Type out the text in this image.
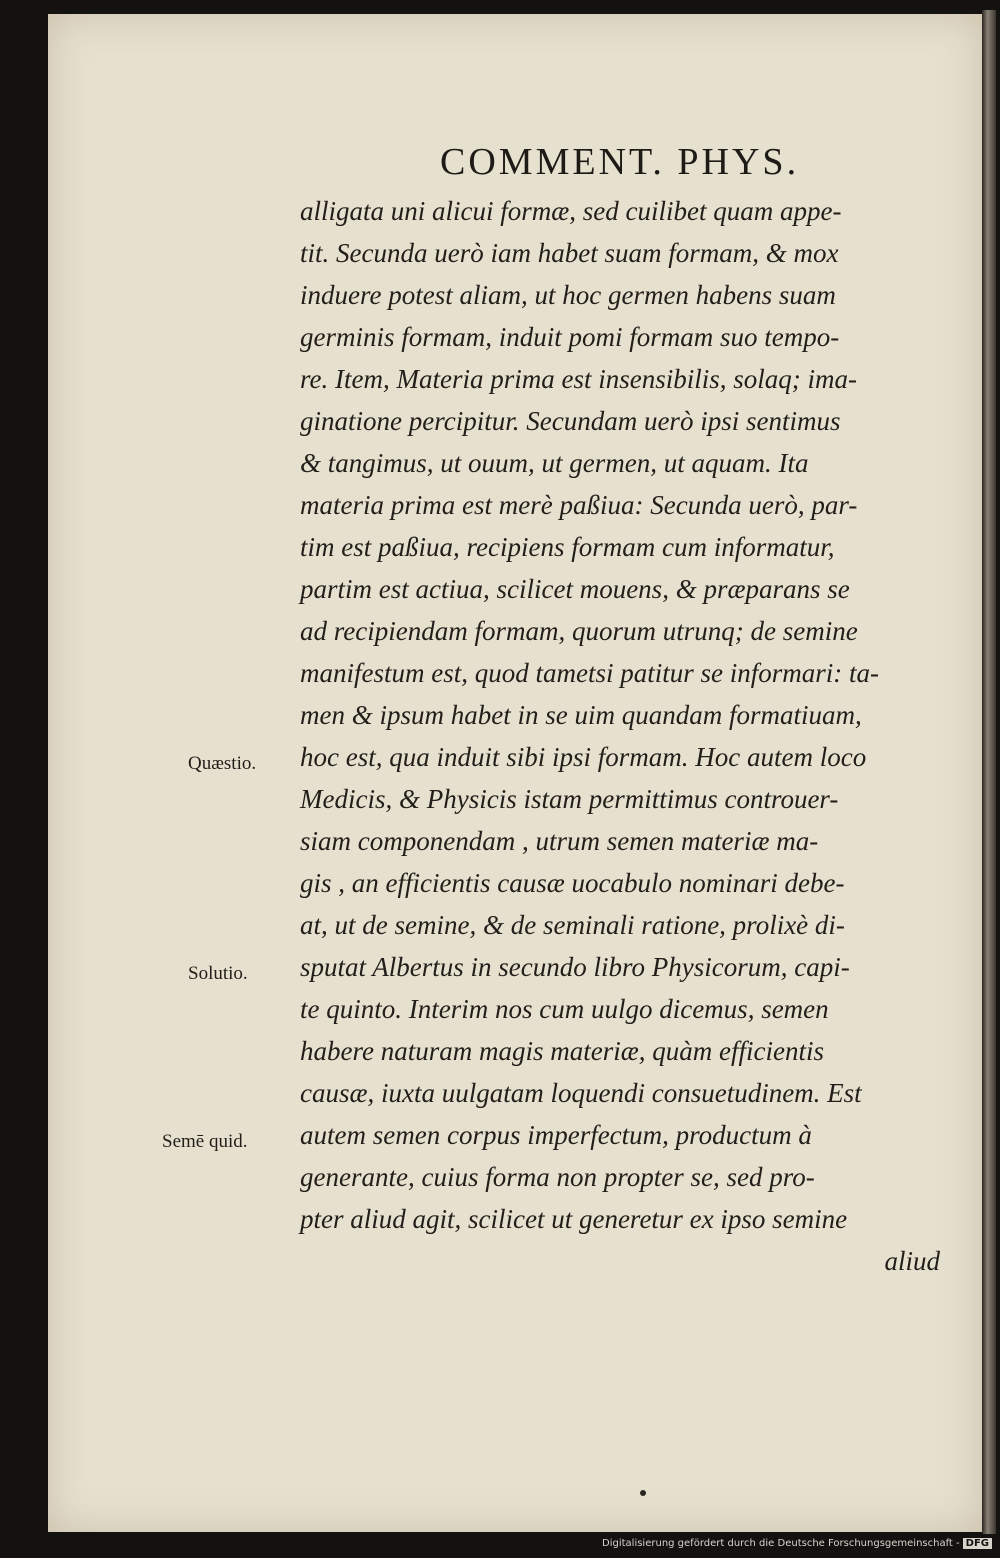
COMMENT. PHYS.
alligata uni alicui formæ, sed cuilibet quam appe-
tit. Secunda uerò iam habet suam formam, & mox
induere potest aliam, ut hoc germen habens suam
germinis formam, induit pomi formam suo tempo-
re. Item, Materia prima est insensibilis, solaq; ima-
ginatione percipitur. Secundam uerò ipsi sentimus
& tangimus, ut ouum, ut germen, ut aquam. Ita
materia prima est merè paßiua: Secunda uerò, par-
tim est paßiua, recipiens formam cum informatur,
partim est actiua, scilicet mouens, & præparans se
ad recipiendam formam, quorum utrunq; de semine
manifestum est, quod tametsi patitur se informari: ta-
men & ipsum habet in se uim quandam formatiuam,
hoc est, qua induit sibi ipsi formam. Hoc autem loco
Medicis, & Physicis istam permittimus controuer-
siam componendam , utrum semen materiæ ma-
gis , an efficientis causæ uocabulo nominari debe-
at, ut de semine, & de seminali ratione, prolixè di-
sputat Albertus in secundo libro Physicorum, capi-
te quinto. Interim nos cum uulgo dicemus, semen
habere naturam magis materiæ, quàm efficientis
causæ, iuxta uulgatam loquendi consuetudinem. Est
autem semen corpus imperfectum, productum à
generante, cuius forma non propter se, sed pro-
pter aliud agit, scilicet ut generetur ex ipso semine
aliud
Quæstio.
Solutio.
Semē quid.
Digitalisierung gefördert durch die Deutsche Forschungsgemeinschaft - DFG
